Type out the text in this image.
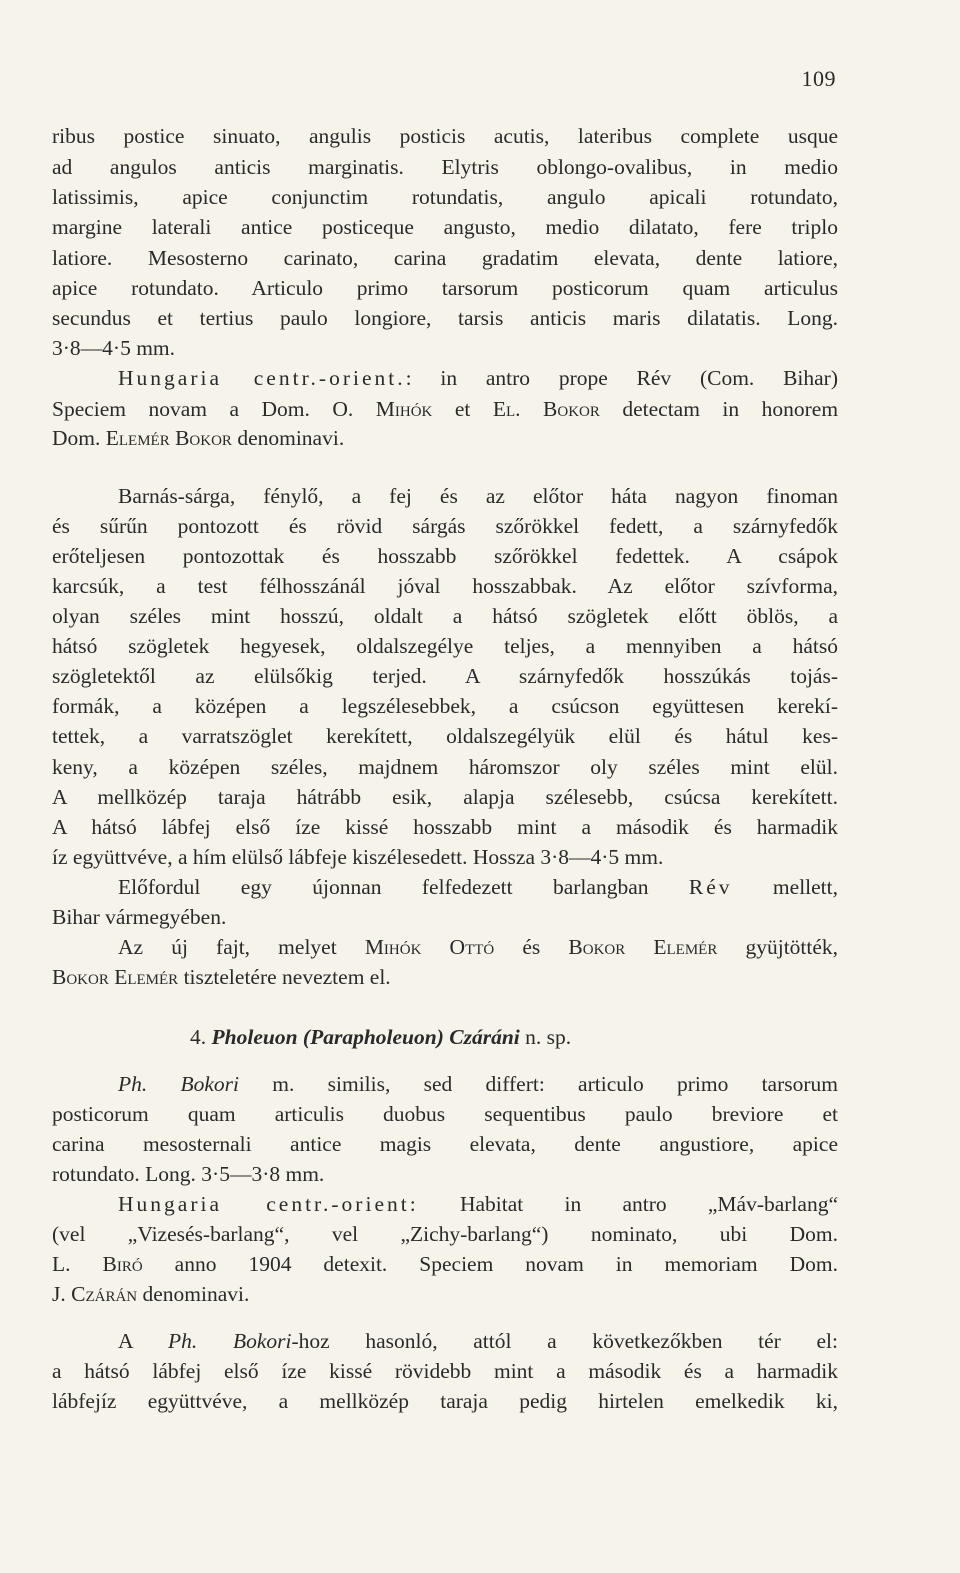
109
ribus postice sinuato, angulis posticis acutis, lateribus complete usque
ad angulos anticis marginatis. Elytris oblongo-ovalibus, in medio
latissimis, apice conjunctim rotundatis, angulo apicali rotundato,
margine laterali antice posticeque angusto, medio dilatato, fere triplo
latiore. Mesosterno carinato, carina gradatim elevata, dente latiore,
apice rotundato. Articulo primo tarsorum posticorum quam articulus
secundus et tertius paulo longiore, tarsis anticis maris dilatatis. Long.
3·8—4·5 mm.
Hungaria centr.-orient.: in antro prope Rév (Com. Bihar)
Speciem novam a Dom. O. Mihók et El. Bokor detectam in honorem
Dom. Elemér Bokor denominavi.
Barnás-sárga, fénylő, a fej és az előtor háta nagyon finoman
és sűrűn pontozott és rövid sárgás szőrökkel fedett, a szárnyfedők
erőteljesen pontozottak és hosszabb szőrökkel fedettek. A csápok
karcsúk, a test félhosszánál jóval hosszabbak. Az előtor szívforma,
olyan széles mint hosszú, oldalt a hátsó szögletek előtt öblös, a
hátsó szögletek hegyesek, oldalszegélye teljes, a mennyiben a hátsó
szögletektől az elülsőkig terjed. A szárnyfedők hosszúkás tojás-
formák, a középen a legszélesebbek, a csúcson együttesen kerekí-
tettek, a varratszöglet kerekített, oldalszegélyük elül és hátul kes-
keny, a középen széles, majdnem háromszor oly széles mint elül.
A mellközép taraja hátrább esik, alapja szélesebb, csúcsa kerekített.
A hátsó lábfej első íze kissé hosszabb mint a második és harmadik
íz együttvéve, a hím elülső lábfeje kiszélesedett. Hossza 3·8—4·5 mm.
Előfordul egy újonnan felfedezett barlangban Rév mellett,
Bihar vármegyében.
Az új fajt, melyet Mihók Ottó és Bokor Elemér gyüjtötték,
Bokor Elemér tiszteletére neveztem el.
4. Pholeuon (Parapholeuon) Czáráni n. sp.
Ph. Bokori m. similis, sed differt: articulo primo tarsorum
posticorum quam articulis duobus sequentibus paulo breviore et
carina mesosternali antice magis elevata, dente angustiore, apice
rotundato. Long. 3·5—3·8 mm.
Hungaria centr.-orient: Habitat in antro „Máv-barlang“
(vel „Vizesés-barlang“, vel „Zichy-barlang“) nominato, ubi Dom.
L. Biró anno 1904 detexit. Speciem novam in memoriam Dom.
J. Czárán denominavi.
A Ph. Bokori-hoz hasonló, attól a következőkben tér el:
a hátsó lábfej első íze kissé rövidebb mint a második és a harmadik
lábfejíz együttvéve, a mellközép taraja pedig hirtelen emelkedik ki,
